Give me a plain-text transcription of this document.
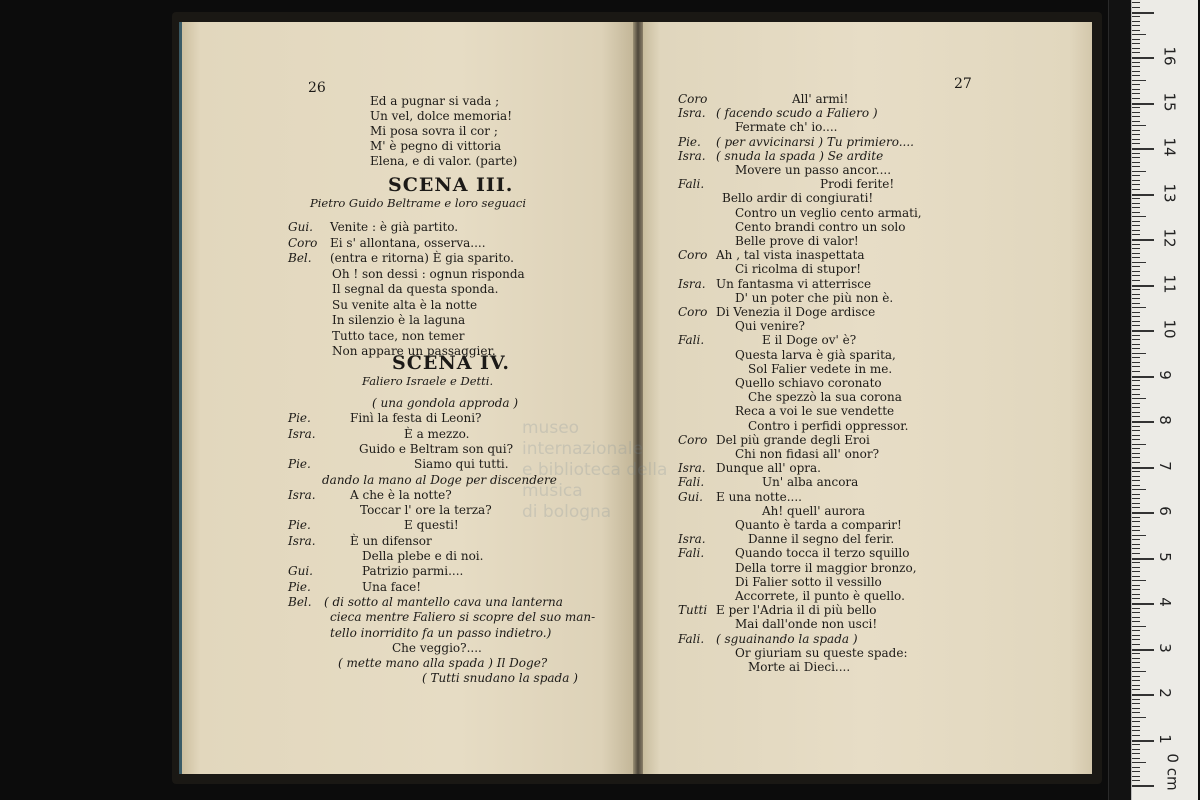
26
Ed a pugnar si vada ;
Un vel, dolce memoria!
Mi posa sovra il cor ;
M' è pegno di vittoria
Elena, e di valor. (parte)
SCENA III.
Pietro Guido Beltrame e loro seguaci
Gui. Venite : è già partito.
Coro Ei s' allontana, osserva....
Bel. (entra e ritorna) È gia sparito.
Oh ! son dessi : ognun risponda
Il segnal da questa sponda.
Su venite alta è la notte
In silenzio è la laguna
Tutto tace, non temer
Non appare un passaggier.
SCENA IV.
Faliero Israele e Detti.
( una gondola approda )
Pie.	Finì la festa di Leoni?
Isra.	È a mezzo.
Guido e Beltram son qui?
Pie.	Siamo qui tutti.
dando la mano al Doge per discendere
Isra.	A che è la notte?
Toccar l' ore la terza?
Pie.	E questi!
Isra.	È un difensor
Della plebe e di noi.
Gui.	Patrizio parmi....
Pie.	Una face!
Bel. ( di sotto al mantello cava una lanterna
cieca mentre Faliero si scopre del suo man-
tello inorridito fa un passo indietro.)
Che veggio?....
( mette mano alla spada ) Il Doge?
( Tutti snudano la spada )
27
Coro	All' armi!
Isra. ( facendo scudo a Faliero )
Fermate ch' io....
Pie. ( per avvicinarsi ) Tu primiero....
Isra. ( snuda la spada ) Se ardite
Movere un passo ancor....
Fali.	Prodi ferite!
Bello ardir di congiurati!
Contro un veglio cento armati,
Cento brandi contro un solo
Belle prove di valor!
Coro Ah , tal vista inaspettata
Ci ricolma di stupor!
Isra. Un fantasma vi atterrisce
D' un poter che più non è.
Coro Di Venezia il Doge ardisce
Qui venire?
Fali.	E il Doge ov' è?
Questa larva è già sparita,
Sol Falier vedete in me.
Quello schiavo coronato
Che spezzò la sua corona
Reca a voi le sue vendette
Contro i perfidi oppressor.
Coro Del più grande degli Eroi
Chi non fidasi all' onor?
Isra. Dunque all' opra.
Fali.	Un' alba ancora
Gui. E una notte....
Ah! quell' aurora
Quanto è tarda a comparir!
Isra.	Danne il segno del ferir.
Fali.	Quando tocca il terzo squillo
Della torre il maggior bronzo,
Di Falier sotto il vessillo
Accorrete, il punto è quello.
Tutti E per l'Adria il di più bello
Mai dall'onde non usci!
Fali. ( sguainando la spada )
Or giuriam su queste spade:
Morte ai Dieci....
museo internazionale
e biblioteca della musica
di bologna
0 cm
1
2
3
4
5
6
7
8
9
10
11
12
13
14
15
16
